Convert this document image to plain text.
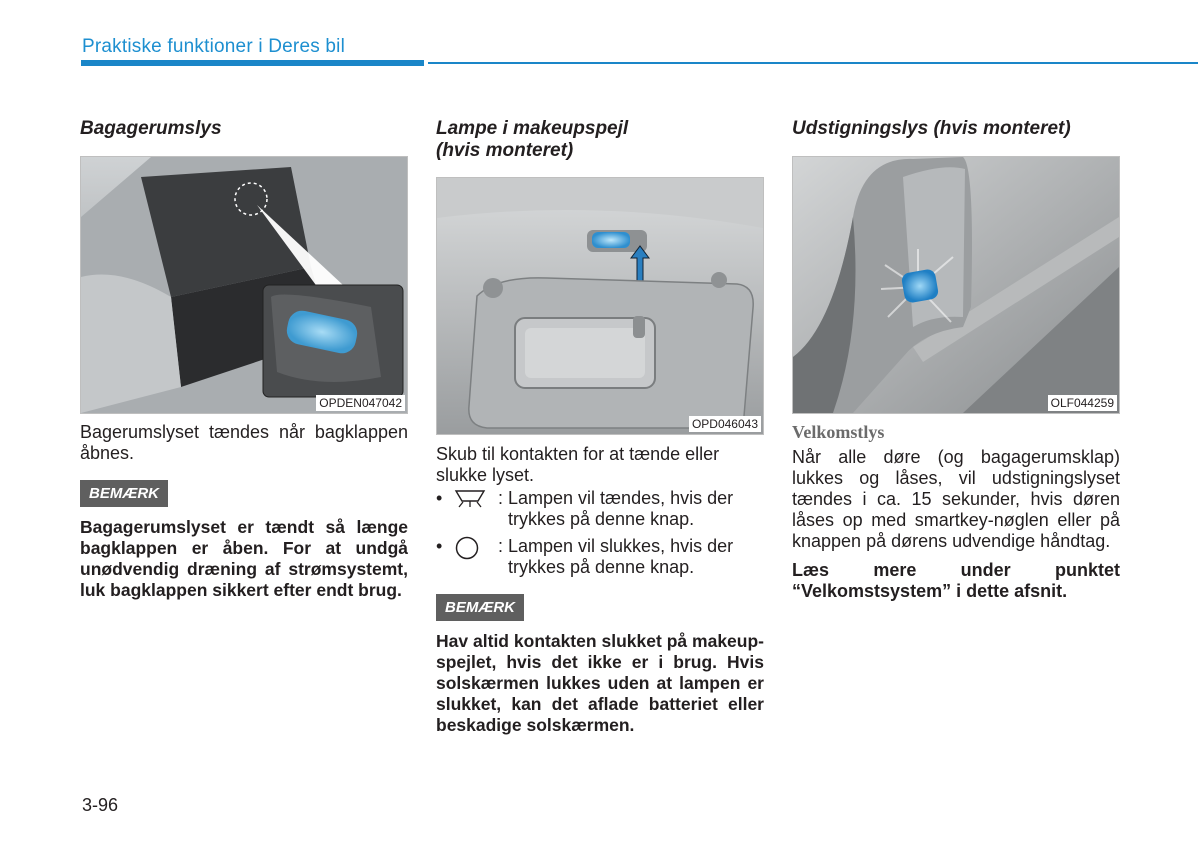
Praktiske funktioner i Deres bil
Bagagerumslys
OPDEN047042

Bagerumslyset tændes når bagklappen åbnes.

BEMÆRK

Bagagerumslyset er tændt så længe bagklappen er åben. For at undgå unødvendig dræning af strømsystemt, luk bagklappen sikkert efter endt brug.

Lampe i makeupspejl
(hvis monteret)
OPD046043

Skub til kontakten for at tænde eller slukke lyset.

•	: Lampen vil tændes, hvis der
trykkes på denne knap.
•	: Lampen vil slukkes, hvis der
trykkes på denne knap.
BEMÆRK

Hav altid kontakten slukket på makeup-spejlet, hvis det ikke er i brug. Hvis solskærmen lukkes uden at lampen er slukket, kan det aflade batteriet eller beskadige solskærmen.

Udstigningslys (hvis monteret)
OLF044259
Velkomstlys

Når alle døre (og bagagerumsklap) lukkes og låses, vil udstigningslyset tændes i ca. 15 sekunder, hvis døren låses op med smartkey-nøglen eller på knappen på dørens udvendige håndtag.

Læs mere under punktet “Velkomstsystem” i dette afsnit.

3-96
